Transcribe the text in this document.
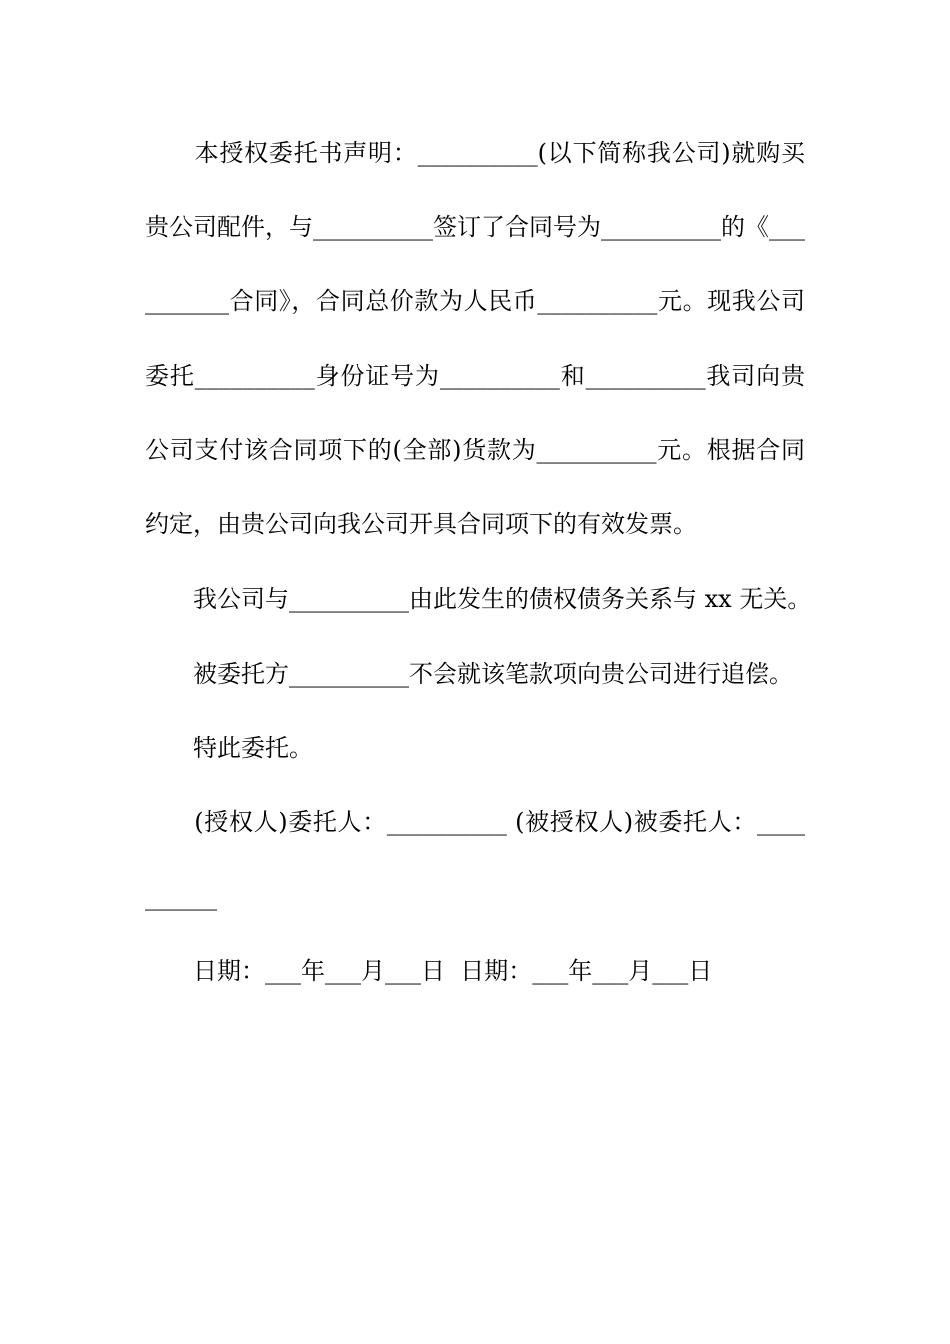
　　本授权委托书声明：__________(以下简称我公司)就购买
贵公司配件，与__________签订了合同号为__________的《___
_______合同》，合同总价款为人民币__________元。现我公司
委托__________身份证号为__________和__________我司向贵
公司支付该合同项下的(全部)货款为__________元。根据合同
约定，由贵公司向我公司开具合同项下的有效发票。
　　我公司与__________由此发生的债权债务关系与 xx 无关。
　　被委托方__________不会就该笔款项向贵公司进行追偿。
　　特此委托。
　　(授权人)委托人：__________ (被授权人)被委托人：____
______
　　日期：___年___月___日  日期：___年___月___日
